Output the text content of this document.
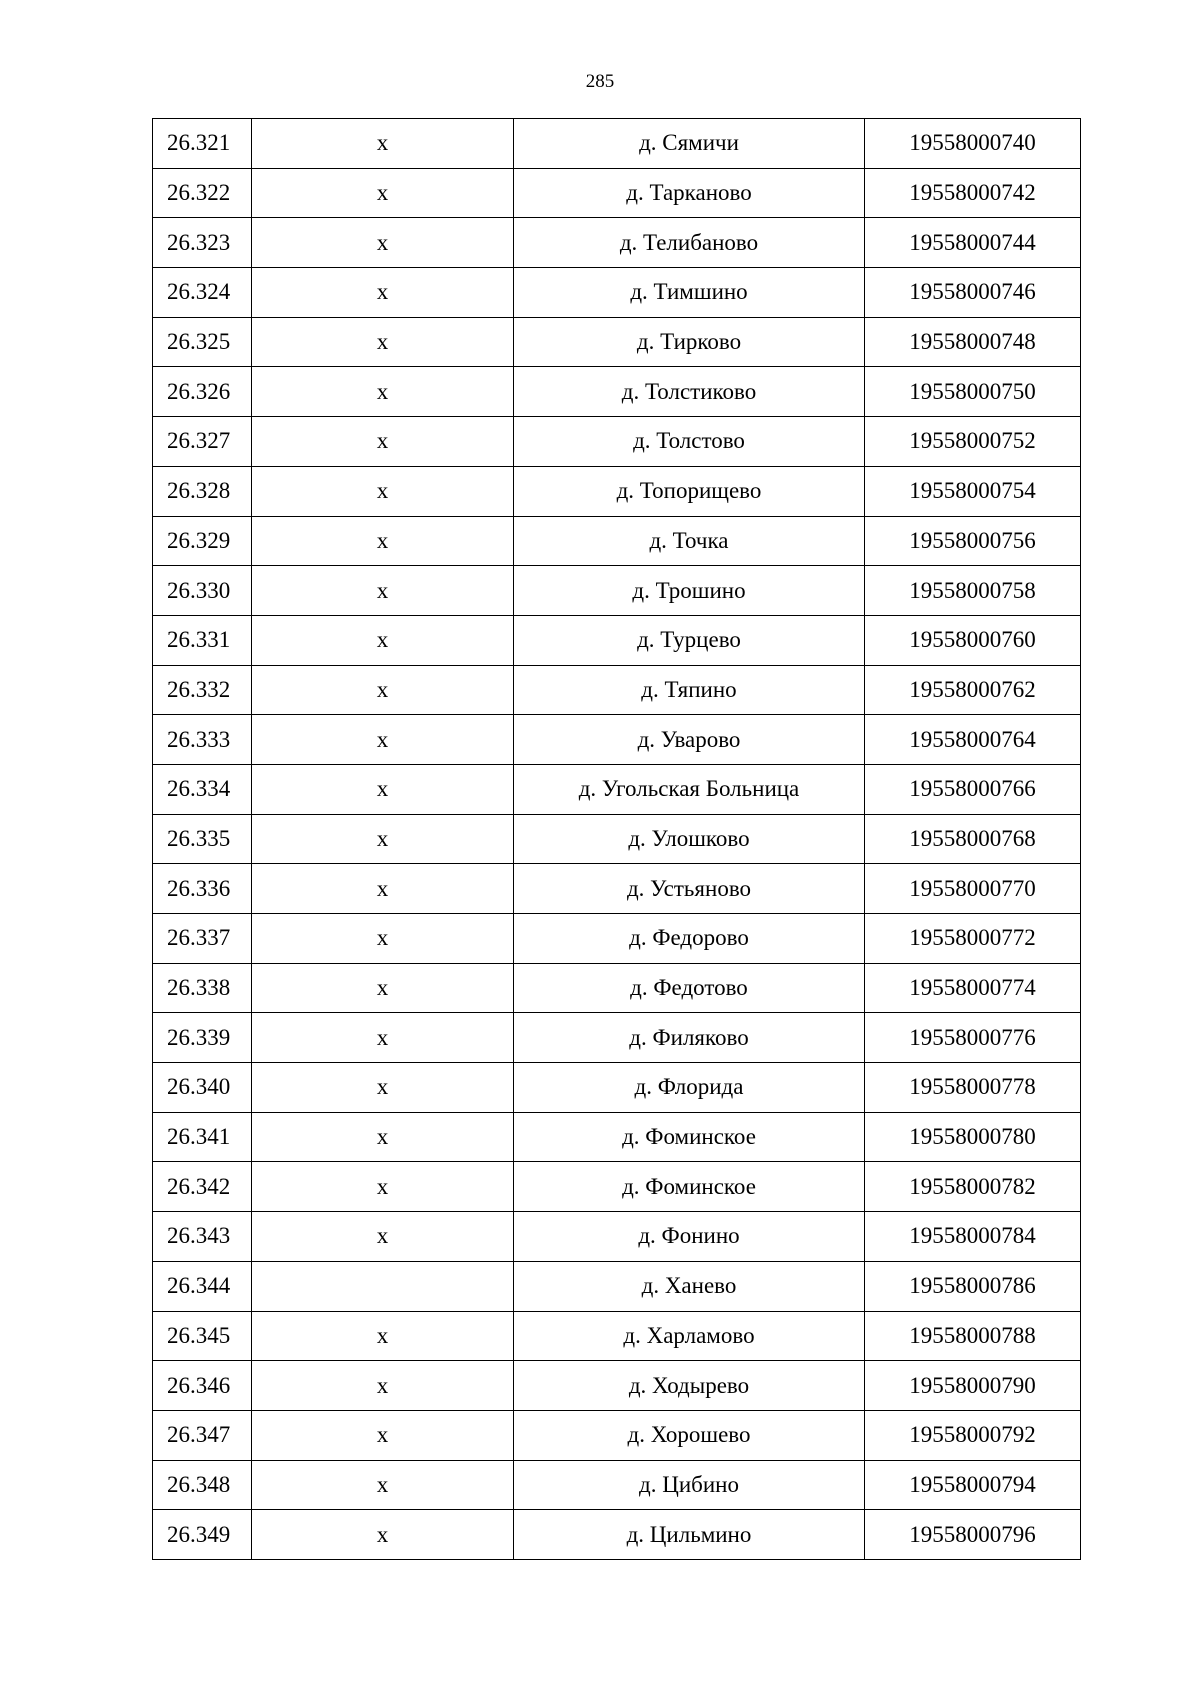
285
26.321	х	д. Сямичи	19558000740
26.322	х	д. Тарканово	19558000742
26.323	х	д. Телибаново	19558000744
26.324	х	д. Тимшино	19558000746
26.325	х	д. Тирково	19558000748
26.326	х	д. Толстиково	19558000750
26.327	х	д. Толстово	19558000752
26.328	х	д. Топорищево	19558000754
26.329	х	д. Точка	19558000756
26.330	х	д. Трошино	19558000758
26.331	х	д. Турцево	19558000760
26.332	х	д. Тяпино	19558000762
26.333	х	д. Уварово	19558000764
26.334	х	д. Угольская Больница	19558000766
26.335	х	д. Улошково	19558000768
26.336	х	д. Устьяново	19558000770
26.337	х	д. Федорово	19558000772
26.338	х	д. Федотово	19558000774
26.339	х	д. Филяково	19558000776
26.340	х	д. Флорида	19558000778
26.341	х	д. Фоминское	19558000780
26.342	х	д. Фоминское	19558000782
26.343	х	д. Фонино	19558000784
26.344		д. Ханево	19558000786
26.345	х	д. Харламово	19558000788
26.346	х	д. Ходырево	19558000790
26.347	х	д. Хорошево	19558000792
26.348	х	д. Цибино	19558000794
26.349	х	д. Цильмино	19558000796
